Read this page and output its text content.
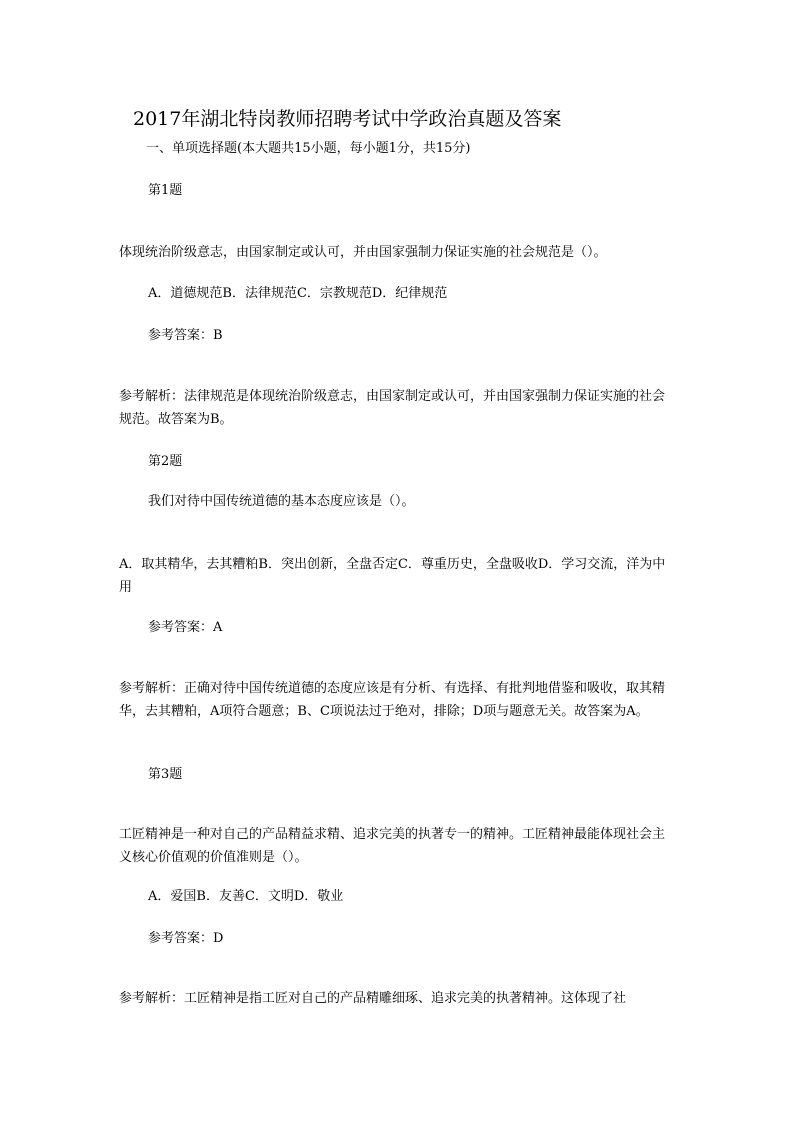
2017年湖北特岗教师招聘考试中学政治真题及答案
一、单项选择题(本大题共15小题，每小题1分，共15分)
第1题
体现统治阶级意志，由国家制定或认可，并由国家强制力保证实施的社会规范是（）。
A．道德规范B．法律规范C．宗教规范D．纪律规范
参考答案：B
参考解析：法律规范是体现统治阶级意志，由国家制定或认可，并由国家强制力保证实施的社会规范。故答案为B。
第2题
我们对待中国传统道德的基本态度应该是（）。
A．取其精华，去其糟粕B．突出创新，全盘否定C．尊重历史，全盘吸收D．学习交流，洋为中用
参考答案：A
参考解析：正确对待中国传统道德的态度应该是有分析、有选择、有批判地借鉴和吸收，取其精华，去其糟粕，A项符合题意；B、C项说法过于绝对，排除；D项与题意无关。故答案为A。
第3题
工匠精神是一种对自己的产品精益求精、追求完美的执著专一的精神。工匠精神最能体现社会主义核心价值观的价值准则是（）。
A．爱国B．友善C．文明D．敬业
参考答案：D
参考解析：工匠精神是指工匠对自己的产品精雕细琢、追求完美的执著精神。这体现了社
